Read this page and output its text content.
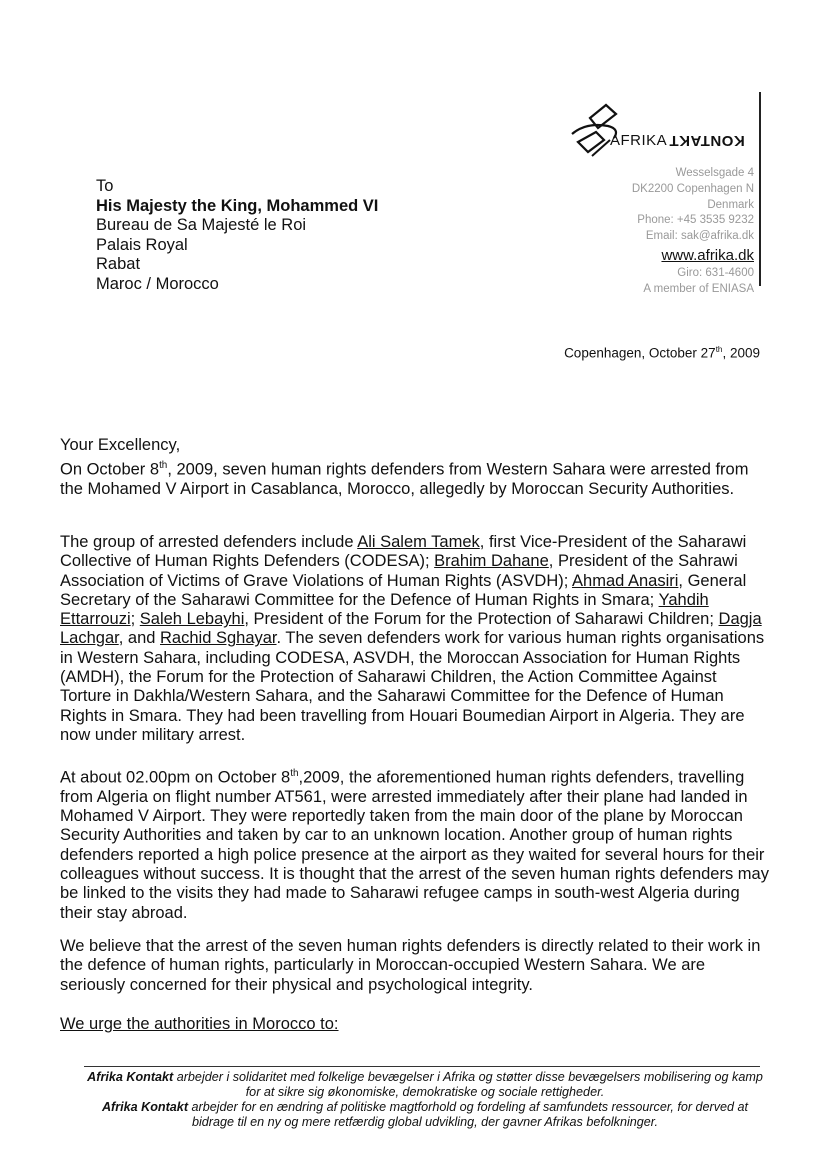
AFRIKA KONTAKT
Wesselsgade 4
DK2200 Copenhagen N
Denmark
Phone: +45 3535 9232
Email: sak@afrika.dk
www.afrika.dk
Giro: 631-4600
A member of ENIASA
To
His Majesty the King, Mohammed VI
Bureau de Sa Majesté le Roi
Palais Royal
Rabat
Maroc / Morocco
Copenhagen, October 27th, 2009
Your Excellency,

On October 8th, 2009, seven human rights defenders from Western Sahara were arrested from the Mohamed V Airport in Casablanca, Morocco, allegedly by Moroccan Security Authorities.

The group of arrested defenders include Ali Salem Tamek, first Vice-President of the Saharawi Collective of Human Rights Defenders (CODESA); Brahim Dahane, President of the Sahrawi Association of Victims of Grave Violations of Human Rights (ASVDH); Ahmad Anasiri, General Secretary of the Saharawi Committee for the Defence of Human Rights in Smara; Yahdih Ettarrouzi; Saleh Lebayhi, President of the Forum for the Protection of Saharawi Children; Dagja Lachgar, and Rachid Sghayar. The seven defenders work for various human rights organisations in Western Sahara, including CODESA, ASVDH, the Moroccan Association for Human Rights (AMDH), the Forum for the Protection of Saharawi Children, the Action Committee Against Torture in Dakhla/Western Sahara, and the Saharawi Committee for the Defence of Human Rights in Smara. They had been travelling from Houari Boumedian Airport in Algeria. They are now under military arrest.

At about 02.00pm on October 8th,2009, the aforementioned human rights defenders, travelling from Algeria on flight number AT561, were arrested immediately after their plane had landed in Mohamed V Airport. They were reportedly taken from the main door of the plane by Moroccan Security Authorities and taken by car to an unknown location. Another group of human rights defenders reported a high police presence at the airport as they waited for several hours for their colleagues without success. It is thought that the arrest of the seven human rights defenders may be linked to the visits they had made to Saharawi refugee camps in south-west Algeria during their stay abroad.

We believe that the arrest of the seven human rights defenders is directly related to their work in the defence of human rights, particularly in Moroccan-occupied Western Sahara. We are seriously concerned for their physical and psychological integrity.
We urge the authorities in Morocco to:

Afrika Kontakt arbejder i solidaritet med folkelige bevægelser i Afrika og støtter disse bevægelsers mobilisering og kamp for at sikre sig økonomiske, demokratiske og sociale rettigheder.

Afrika Kontakt arbejder for en ændring af politiske magtforhold og fordeling af samfundets ressourcer, for derved at bidrage til en ny og mere retfærdig global udvikling, der gavner Afrikas befolkninger.
